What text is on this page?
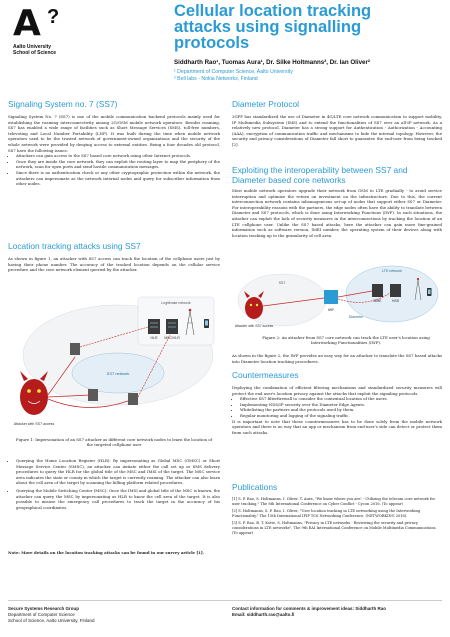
A ?
Aalto University
School of Science
Cellular location tracking
attacks using signalling
protocols
Siddharth Rao¹, Tuomas Aura¹, Dr. Silke Holtmanns², Dr. Ian Oliver²
¹ Department of Computer Science, Aalto University
² Bell labs - Nokia Networks, Finland
Signaling System no. 7 (SS7)
Signaling System No. 7 (SS7) is one of the mobile communication backend protocols mainly used for establishing the roaming interconnectivity among 2G/GSM mobile network operators. Besides roaming, SS7 has enabled a wide range of facilities such as Short Message Services (SMS), toll-free numbers, televoting and Local Number Portability (LNP). It was built during the time when mobile network operators used to be the trusted network of government-owned organizations and the security of the whole network were provided by denying access to external entities. Being a four decades old protocol, SS7 have the following issues:
• Attackers can gain access to the SS7 based core network using other Internet protocols.
• Once they are inside the core network, they can exploit the routing layer to map the periphery of the network, scan for open ports and send hostile communication messages.
• Since there is no authentication check or any other cryptographic protection within the network, the attackers can impersonate as the network internal nodes and query for subscriber information from other nodes.
Location tracking attacks using SS7
As shown in figure 1, an attacker with SS7 access can track the location of the cellphone users just by having their phone number. The accuracy of the tracked location depends on the cellular service procedure and the core network element queried by the attacker.
Legitimate network
HLR MSC/VLR
SS7 network
Attacker with SS7 access
Figure 1: Impersonation of an SS7 attacker as different core network nodes to learn the location of the targeted cellphone user
• Querying the Home Location Register (HLR): By impersonating as Global MSC (GMSC) or Short Message Service Center (SMSC), an attacker can initiate either the call set up or SMS delivery procedures to query the HLR for the global title of the MSC and IMSI of the target. The MSC service area indicates the state or county in which the target is currently roaming. The attacker can also learn about the cell area of the target by scanning the billing platform related procedures.
• Querying the Mobile Switching Center (MSC): Once the IMSI and global title of the MSC is known, the attacker can query the MSC by impersonating as HLR to know the cell area of the target. It is also possible to misuse the emergency call procedures to track the target in the accuracy of his geographical coordinates.
Note: More details on the location tracking attacks can be found in our survey article [1].
Diameter Protocol
3GPP has standardized the use of Diameter in 4G/LTE core network communication to support mobility, IP Multimedia Subsystem (IMS) and to extend the functionalities of SS7 over an all-IP network. As a relatively new protocol, Diameter has a strong support for Authentication - Authorization - Accounting (AAA), encryption of communication traffic and mechanisms to hide the internal topology. However, the security and privacy considerations of Diameter fall short to guarantee the end-user from being tracked [2].
Exploiting the interoperability between SS7 and Diameter based core networks
Most mobile network operators upgrade their network from GSM to LTE gradually - to avoid service interruption and optimize the return on investment on the infrastructure. Due to this, the current interconnection network contains inhomogeneous set-up of nodes that support either SS7 or Diameter. For interoperability reasons with the partners, the edge nodes often have the ability to translate between Diameter and SS7 protocols, which is done using Interworking Functions (IWF). In such situations, the attacker can exploit the lack of security measures in the interconnections by tracking the location of an LTE cellphone user. Unlike the SS7 based attacks, here the attacker can gain more fine-grained information such as software version, IMEI number, the operating system of their devices along with location tracking up to the granularity of cell area.
SS7
LTE network
IWF
MME	HSS
Diameter
Attacker with SS7 access
Figure 2: An attacker from SS7 core network can track the LTE user's location using Interworking Functionalities (IWF).
As shown in the figure 2, the IWF provides an easy way for an attacker to translate the SS7 based attacks into Diameter location tracking procedures.
Countermeasures
Deploying the combination of efficient filtering mechanisms and standardized security measures will protect the end user's location privacy against the attacks that exploit the signaling protocols.
• Effective SS7 filterfirewall to consider the contextual location of the users.
• Implementing NDS/IP security over the Diameter Edge Agents.
• Whitelisting the partners and the protocols used by them.
• Regular monitoring and logging of the signaling traffic.
It is important to note that these countermeasures has to be done solely from the mobile network operators and there is no way that an app or mechanism from end-user's side can detect or protect them from such attacks.
Publications
[1] S. P. Rao, S. Holtmanns, I. Oliver, T. Aura, "We know where you are! - Utilizing the telecom core network for user tracking," The 8th International Conference on Cyber Conflict - Cycon 2016. (To appear)
[2] S. Holtmanns, S. P. Rao, I. Oliver, "User location tracking in LTE networking using the Interworking Functionality," The 15th International IFIP TC6 Networking Conference, (NETWORKING 2016).
[3] S. P. Rao, B. T. Kotte, S. Holtmanns, "Privacy in LTE networks - Reviewing the security and privacy considerations in LTE networks", The 9th EAI International Conference on Mobile Multimedia Communications. (To appear)
Secure Systems Research Group
Department of Computer Science
School of Science, Aalto University, Finland
Contact information for comments & improvement ideas: Siddharth Rao
Email: siddharth.rao@aalto.fi
